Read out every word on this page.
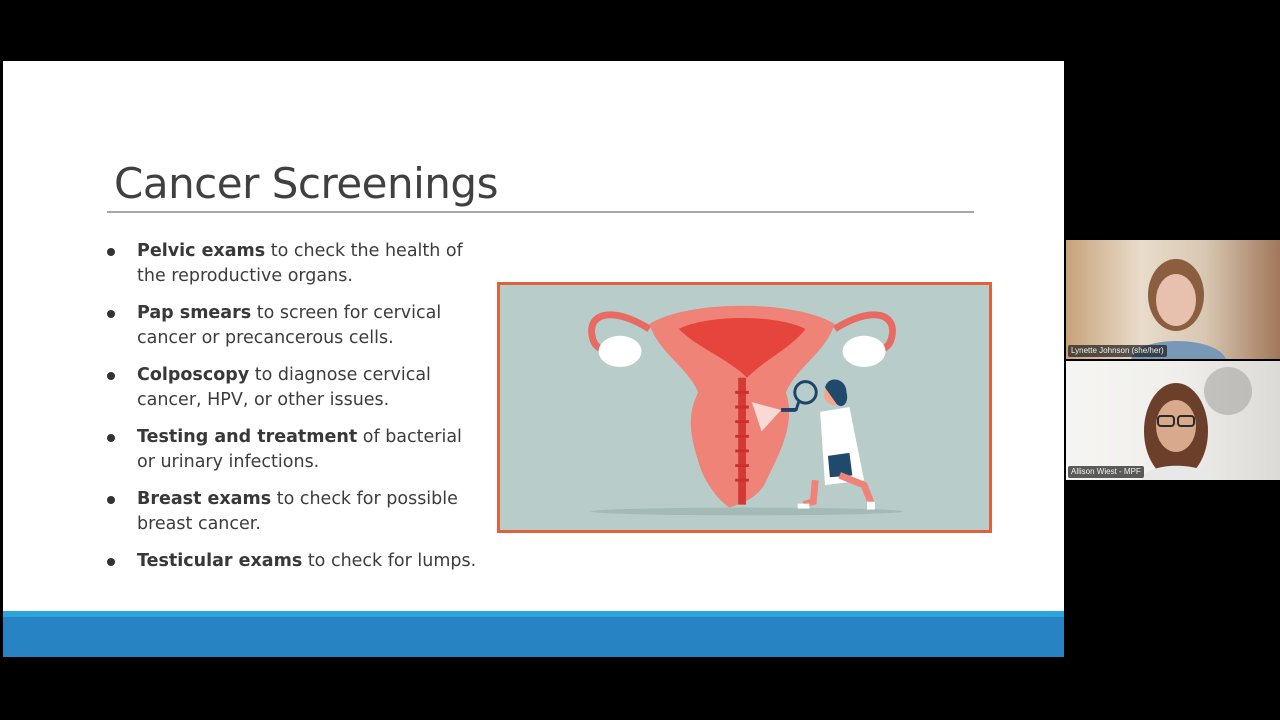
Cancer Screenings
Pelvic exams to check the health of the reproductive organs.
Pap smears to screen for cervical cancer or precancerous cells.
Colposcopy to diagnose cervical cancer, HPV, or other issues.
Testing and treatment of bacterial or urinary infections.
Breast exams to check for possible breast cancer.
Testicular exams to check for lumps.
Lynette Johnson (she/her)
Allison Wiest - MPF
